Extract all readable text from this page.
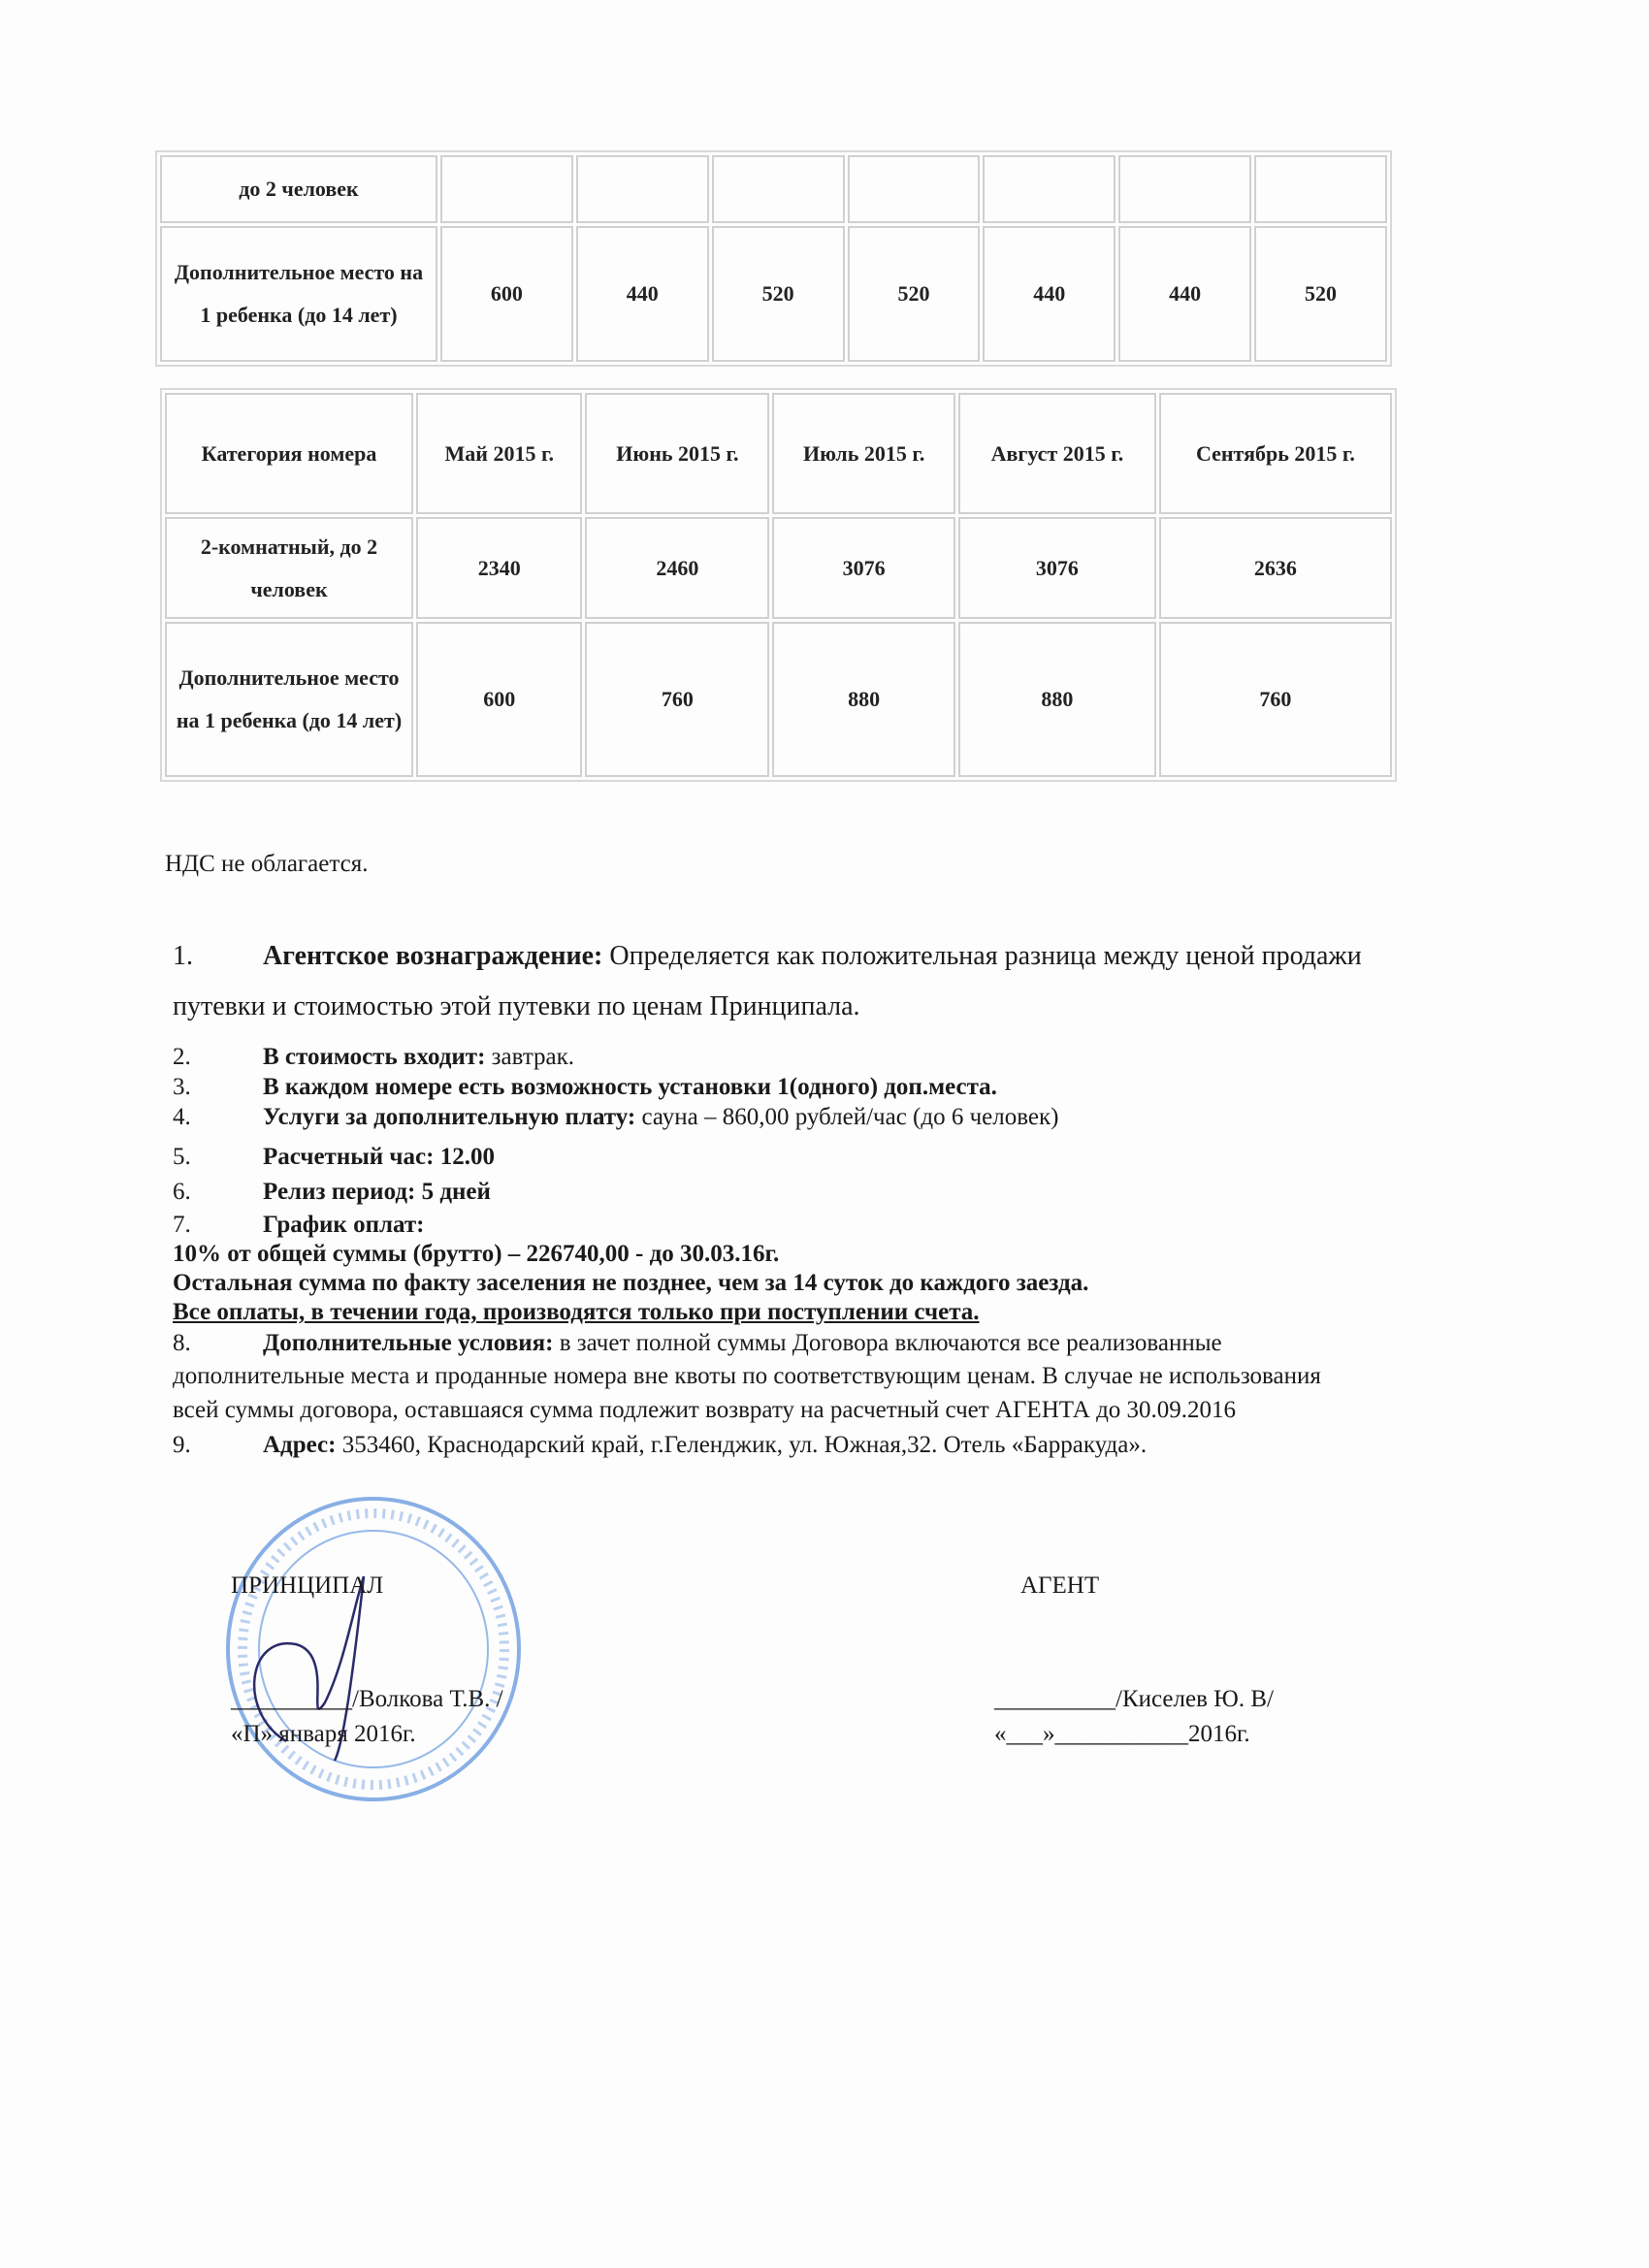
до 2 человек							
Дополнительное место на 1 ребенка (до 14 лет)	600	440	520	520	440	440	520
Категория номера	Май 2015 г.	Июнь 2015 г.	Июль 2015 г.	Август 2015 г.	Сентябрь 2015 г.
2-комнатный, до 2 человек	2340	2460	3076	3076	2636
Дополнительное место на 1 ребенка (до 14 лет)	600	760	880	880	760
НДС не облагается.
1.	Агентское вознаграждение: Определяется как положительная разница между ценой продажи
путевки и стоимостью этой путевки по ценам Принципала.
2.	В стоимость входит: завтрак.
3.	В каждом номере есть возможность установки 1(одного) доп.места.
4.	Услуги за дополнительную плату: сауна – 860,00 рублей/час (до 6 человек)
5.	Расчетный час: 12.00
6.	Релиз период: 5 дней
7.	График оплат:
10% от общей суммы (брутто) – 226740,00 - до 30.03.16г.
Остальная сумма по факту заселения не позднее, чем за 14 суток до каждого заезда.
Все оплаты, в течении года, производятся только при поступлении счета.
8.	Дополнительные условия: в зачет полной суммы Договора включаются все реализованные
дополнительные места и проданные номера вне квоты по соответствующим ценам. В случае не использования
всей суммы договора, оставшаяся сумма подлежит возврату на расчетный счет АГЕНТА до 30.09.2016
9.	Адрес: 353460, Краснодарский край, г.Геленджик, ул. Южная,32. Отель «Барракуда».
ПРИНЦИПАЛ
__________/Волкова Т.В. /
«П» января 2016г.
АГЕНТ
__________/Киселев Ю. В/
«___»___________2016г.
